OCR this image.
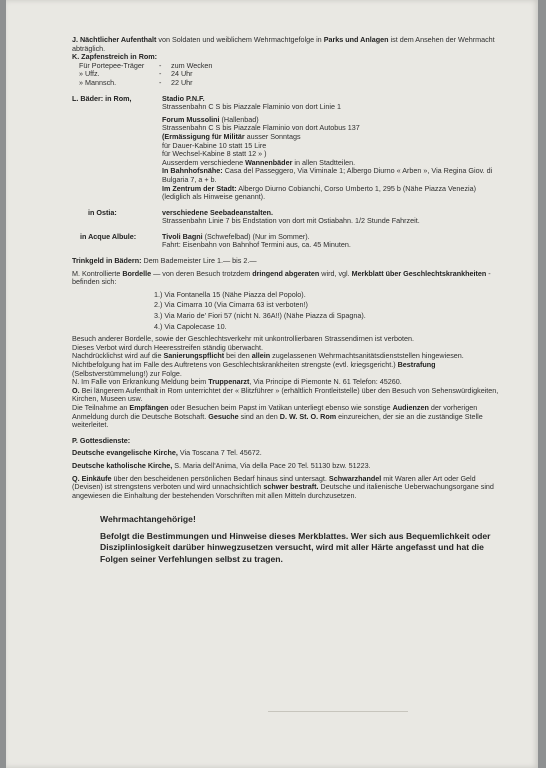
J. Nächtlicher Aufenthalt von Soldaten und weiblichem Wehrmachtgefolge in Parks und Anlagen ist dem Ansehen der Wehrmacht abträglich.

K. Zapfenstreich in Rom:

Für Portepee-Träger - zum Wecken

» Uffz.	- 24 Uhr

» Mannsch.	- 22 Uhr

L. Bäder: in Rom,	Stadio P.N.F.

Strassenbahn C S bis Piazzale Flaminio von dort Linie 1

Forum Mussolini (Hallenbad)

Strassenbahn C S bis Piazzale Flaminio von dort Autobus 137

(Ermässigung für Militär ausser Sonntags

für Dauer-Kabine 10 statt 15 Lire

für Wechsel-Kabine 8 statt 12 » )

Ausserdem verschiedene Wannenbäder in allen Stadtteilen.

In Bahnhofsnähe: Casa del Passeggero, Via Viminale 1; Albergo Diurno « Arben », Via Regina Giov. di Bulgaria 7, a + b.

Im Zentrum der Stadt: Albergo Diurno Cobianchi, Corso Umberto 1, 295 b (Nähe Piazza Venezia) (lediglich als Hinweise genannt).

in Ostia:	verschiedene Seebadeanstalten.

Strassenbahn Linie 7 bis Endstation von dort mit Ostiabahn. 1/2 Stunde Fahrzeit.

in Acque Albule:	Tivoli Bagni (Schwefelbad) (Nur im Sommer).

Fahrt: Eisenbahn von Bahnhof Termini aus, ca. 45 Minuten.

Trinkgeld in Bädern: Dem Bademeister Lire 1.— bis 2.—

M. Kontrollierte Bordelle — von deren Besuch trotzdem dringend abgeraten wird, vgl. Merkblatt über Geschlechtskrankheiten - befinden sich:

1.) Via Fontanella 15 (Nähe Piazza del Popolo).

2.) Via Cimarra 10 (Via Cimarra 63 ist verboten!)

3.) Via Mario de' Fiori 57 (nicht N. 36A!!) (Nähe Piazza di Spagna).

4.) Via Capolecase 10.

Besuch anderer Bordelle, sowie der Geschlechtsverkehr mit unkontrollierbaren Strassendirnen ist verboten.

Dieses Verbot wird durch Heeresstreifen ständig überwacht.

Nachdrücklichst wird auf die Sanierungspflicht bei den allein zugelassenen Wehrmachtsanitätsdienststellen hingewiesen. Nichtbefolgung hat im Falle des Auftretens von Geschlechtskrankheiten strengste (evtl. kriegsgericht.) Bestrafung (Selbstverstümmelung!) zur Folge.

N. Im Falle von Erkrankung Meldung beim Truppenarzt, Via Principe di Piemonte N. 61 Telefon: 45260.

O. Bei längerem Aufenthalt in Rom unterrichtet der « Blitzführer » (erhältlich Frontleitstelle) über den Besuch von Sehenswürdigkeiten, Kirchen, Museen usw.

Die Teilnahme an Empfängen oder Besuchen beim Papst im Vatikan unterliegt ebenso wie sonstige Audienzen der vorherigen Anmeldung durch die Deutsche Botschaft. Gesuche sind an den D. W. St. O. Rom einzureichen, der sie an die zuständige Stelle weiterleitet.

P. Gottesdienste:

Deutsche evangelische Kirche, Via Toscana 7 Tel. 45672.

Deutsche katholische Kirche, S. Maria dell'Anima, Via della Pace 20 Tel. 51130 bzw. 51223.

Q. Einkäufe über den bescheidenen persönlichen Bedarf hinaus sind untersagt. Schwarzhandel mit Waren aller Art oder Geld (Devisen) ist strengstens verboten und wird unnachsichtlich schwer bestraft. Deutsche und italienische Ueberwachungsorgane sind angewiesen die Einhaltung der bestehenden Vorschriften mit allen Mitteln durchzusetzen.

Wehrmachtangehörige!
Befolgt die Bestimmungen und Hinweise dieses Merkblattes. Wer sich aus Bequemlichkeit oder Disziplinlosigkeit darüber hinwegzusetzen versucht, wird mit aller Härte angefasst und hat die Folgen seiner Verfehlungen selbst zu tragen.
